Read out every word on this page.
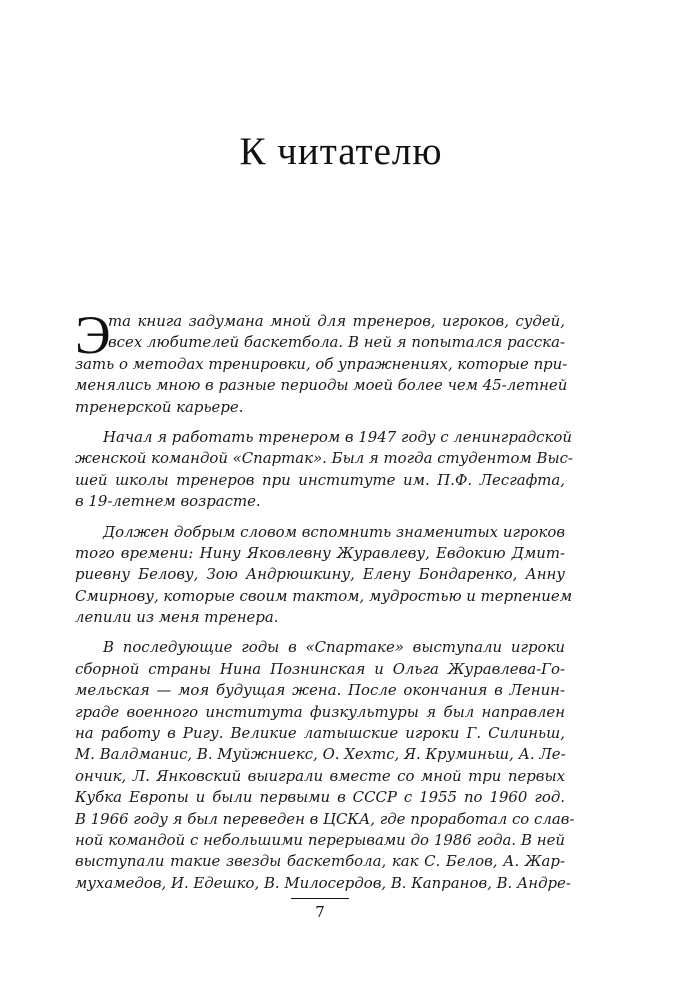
К читателю
Э
та книга задумана мной для тренеров, игроков, судей,
всех любителей баскетбола. В ней я попытался расска-
зать о методах тренировки, об упражнениях, которые при-
менялись мною в разные периоды моей более чем 45-летней
тренерской карьере.
Начал я работать тренером в 1947 году с ленинградской
женской командой «Спартак». Был я тогда студентом Выс-
шей школы тренеров при институте им. П.Ф. Лесгафта,
в 19-летнем возрасте.
Должен добрым словом вспомнить знаменитых игроков
того времени: Нину Яковлевну Журавлеву, Евдокию Дмит-
риевну Белову, Зою Андрюшкину, Елену Бондаренко, Анну
Смирнову, которые своим тактом, мудростью и терпением
лепили из меня тренера.
В последующие годы в «Спартаке» выступали игроки
сборной страны Нина Познинская и Ольга Журавлева-Го-
мельская — моя будущая жена. После окончания в Ленин-
граде военного института физкультуры я был направлен
на работу в Ригу. Великие латышские игроки Г. Силиньш,
М. Валдманис, В. Муйжниекс, О. Хехтс, Я. Круминьш, А. Ле-
ончик, Л. Янковский выиграли вместе со мной три первых
Кубка Европы и были первыми в СССР с 1955 по 1960 год.
В 1966 году я был переведен в ЦСКА, где проработал со слав-
ной командой с небольшими перерывами до 1986 года. В ней
выступали такие звезды баскетбола, как С. Белов, А. Жар-
мухамедов, И. Едешко, В. Милосердов, В. Капранов, В. Андре-
7
